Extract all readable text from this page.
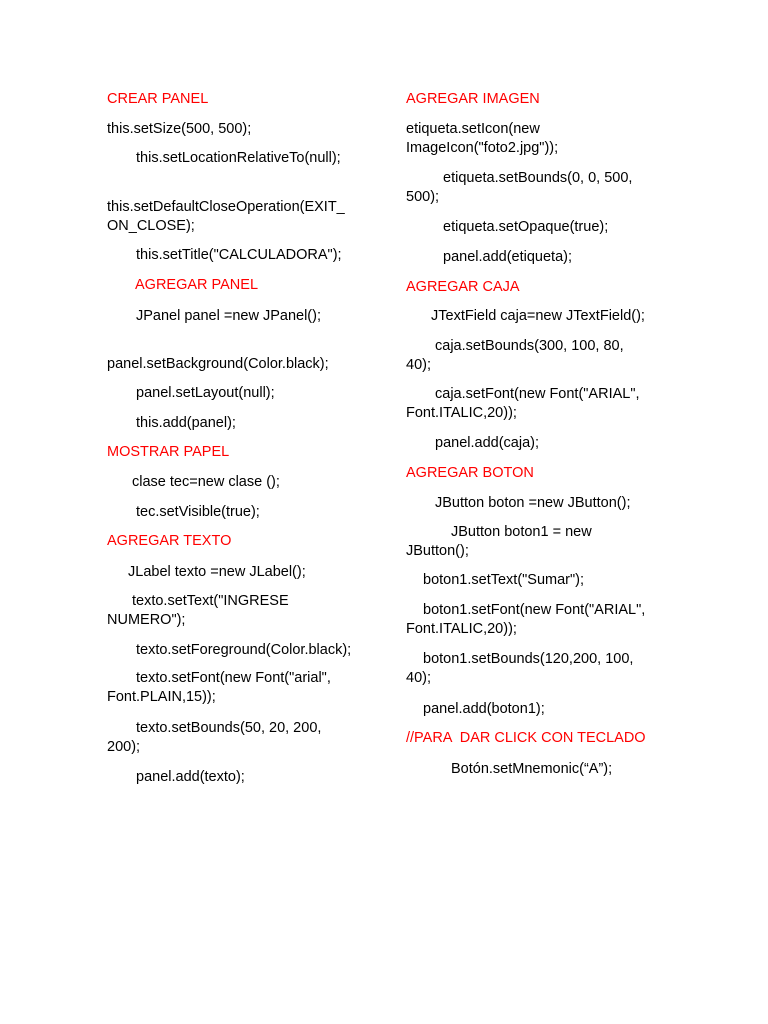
CREAR PANEL

this.setSize(500, 500);

this.setLocationRelativeTo(null);

this.setDefaultCloseOperation(EXIT_ ON_CLOSE);

this.setTitle("CALCULADORA");

AGREGAR PANEL

JPanel panel =new JPanel();

panel.setBackground(Color.black);

panel.setLayout(null);

this.add(panel);

MOSTRAR PAPEL

clase tec=new clase ();

tec.setVisible(true);

AGREGAR TEXTO

JLabel texto =new JLabel();

texto.setText("INGRESE NUMERO");

texto.setForeground(Color.black);

texto.setFont(new Font("arial", Font.PLAIN,15));

texto.setBounds(50, 20, 200, 200);

panel.add(texto);

AGREGAR IMAGEN

etiqueta.setIcon(new ImageIcon("foto2.jpg"));

etiqueta.setBounds(0, 0, 500, 500);

etiqueta.setOpaque(true);

panel.add(etiqueta);

AGREGAR CAJA

JTextField caja=new JTextField();

caja.setBounds(300, 100, 80, 40);

caja.setFont(new Font("ARIAL", Font.ITALIC,20));

panel.add(caja);

AGREGAR BOTON

JButton boton =new JButton();

JButton boton1 = new JButton();

boton1.setText("Sumar");

boton1.setFont(new Font("ARIAL", Font.ITALIC,20));

boton1.setBounds(120,200, 100, 40);

panel.add(boton1);

//PARA  DAR CLICK CON TECLADO

Botón.setMnemonic(“A”);
